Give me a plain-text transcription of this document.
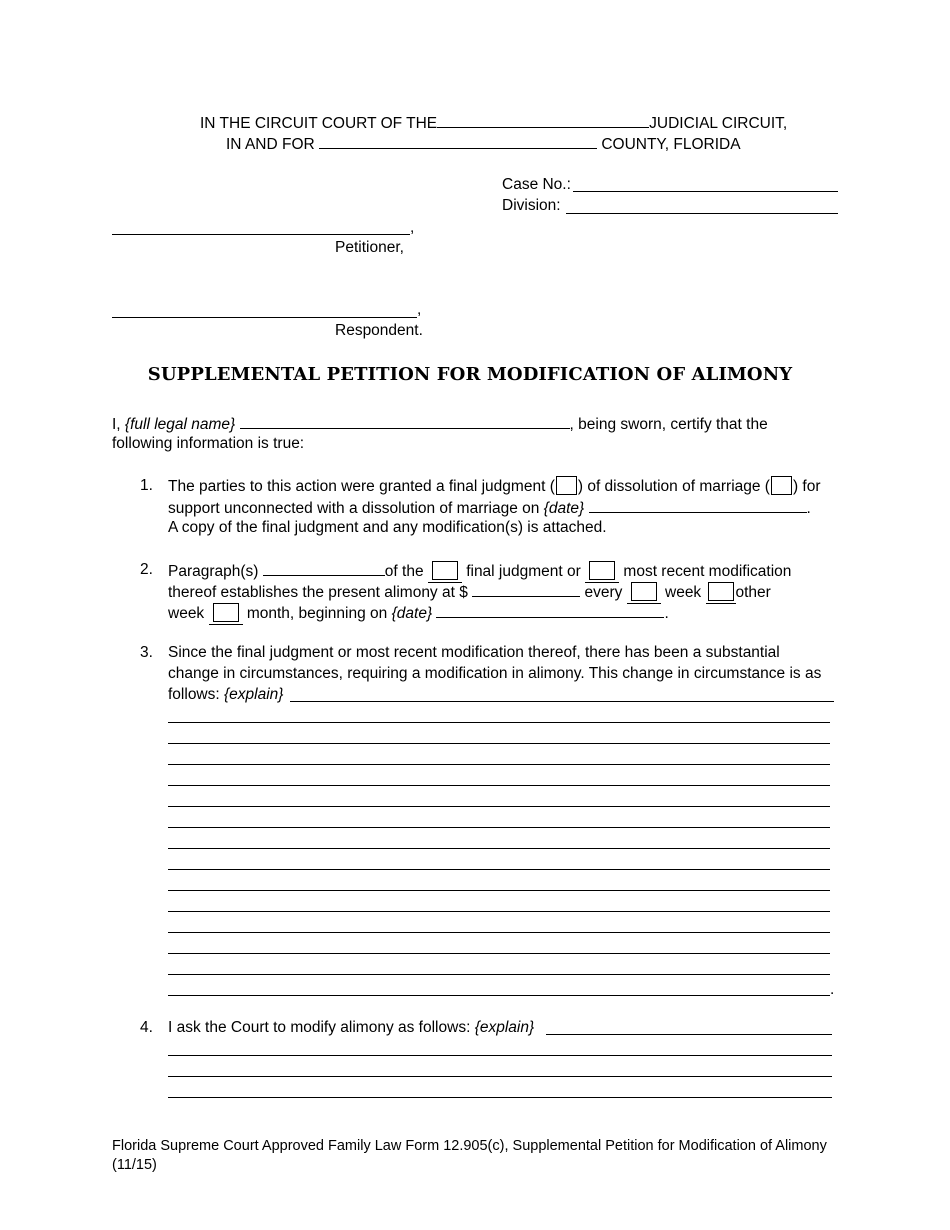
IN THE CIRCUIT COURT OF THE	JUDICIAL CIRCUIT,
IN AND FOR	COUNTY, FLORIDA
Case No.:
Division:
,
Petitioner,
,
Respondent.
SUPPLEMENTAL PETITION FOR MODIFICATION OF ALIMONY
I, {full legal name}	, being sworn, certify that the
following information is true:
1. The parties to this action were granted a final judgment ( ) of dissolution of marriage ( ) for
support unconnected with a dissolution of marriage on {date}	.
A copy of the final judgment and any modification(s) is attached.
2. Paragraph(s)	of the	final judgment or	most recent modification
thereof establishes the present alimony at $	every	week other
week	month, beginning on {date}	.
3. Since the final judgment or most recent modification thereof, there has been a substantial
change in circumstances, requiring a modification in alimony. This change in circumstance is as
follows: {explain}
.
4. I ask the Court to modify alimony as follows: {explain}
Florida Supreme Court Approved Family Law Form 12.905(c), Supplemental Petition for Modification of Alimony
(11/15)
